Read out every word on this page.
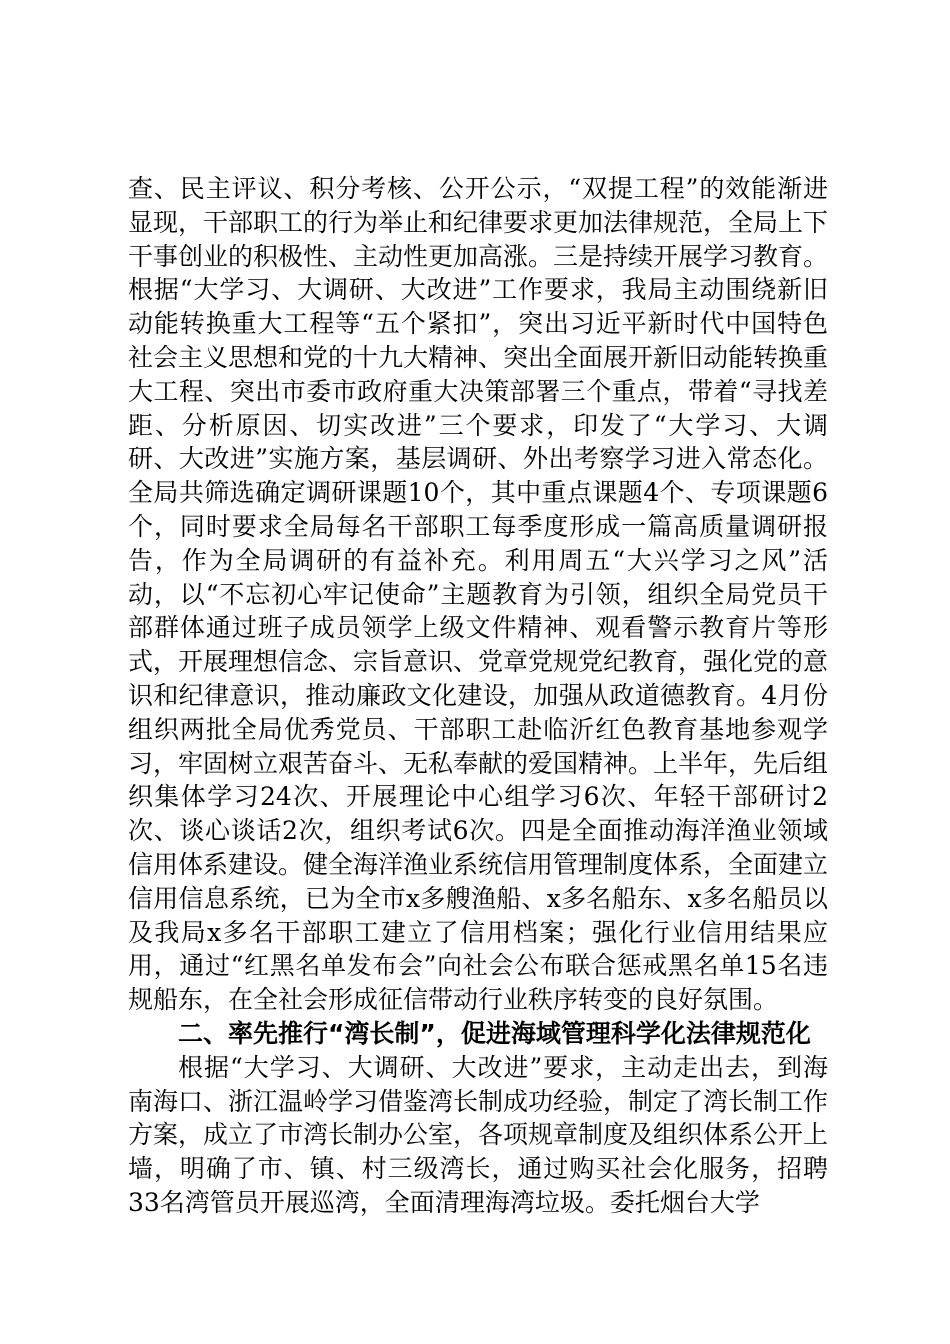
查、民主评议、积分考核、公开公示，“双提工程”的效能渐进显现，干部职工的行为举止和纪律要求更加法律规范，全局上下干事创业的积极性、主动性更加高涨。三是持续开展学习教育。根据“大学习、大调研、大改进”工作要求，我局主动围绕新旧动能转换重大工程等“五个紧扣”，突出习近平新时代中国特色社会主义思想和党的十九大精神、突出全面展开新旧动能转换重大工程、突出市委市政府重大决策部署三个重点，带着“寻找差距、分析原因、切实改进”三个要求，印发了“大学习、大调研、大改进”实施方案，基层调研、外出考察学习进入常态化。全局共筛选确定调研课题10个，其中重点课题4个、专项课题6个，同时要求全局每名干部职工每季度形成一篇高质量调研报告，作为全局调研的有益补充。利用周五“大兴学习之风”活动，以“不忘初心牢记使命”主题教育为引领，组织全局党员干部群体通过班子成员领学上级文件精神、观看警示教育片等形式，开展理想信念、宗旨意识、党章党规党纪教育，强化党的意识和纪律意识，推动廉政文化建设，加强从政道德教育。4月份组织两批全局优秀党员、干部职工赴临沂红色教育基地参观学习，牢固树立艰苦奋斗、无私奉献的爱国精神。上半年，先后组织集体学习24次、开展理论中心组学习6次、年轻干部研讨2次、谈心谈话2次，组织考试6次。四是全面推动海洋渔业领域信用体系建设。健全海洋渔业系统信用管理制度体系，全面建立信用信息系统，已为全市x多艘渔船、x多名船东、x多名船员以及我局x多名干部职工建立了信用档案；强化行业信用结果应用，通过“红黑名单发布会”向社会公布联合惩戒黑名单15名违规船东，在全社会形成征信带动行业秩序转变的良好氛围。

二、率先推行“湾长制”，促进海域管理科学化法律规范化

根据“大学习、大调研、大改进”要求，主动走出去，到海南海口、浙江温岭学习借鉴湾长制成功经验，制定了湾长制工作方案，成立了市湾长制办公室，各项规章制度及组织体系公开上墙，明确了市、镇、村三级湾长，通过购买社会化服务，招聘33名湾管员开展巡湾，全面清理海湾垃圾。委托烟台大学
